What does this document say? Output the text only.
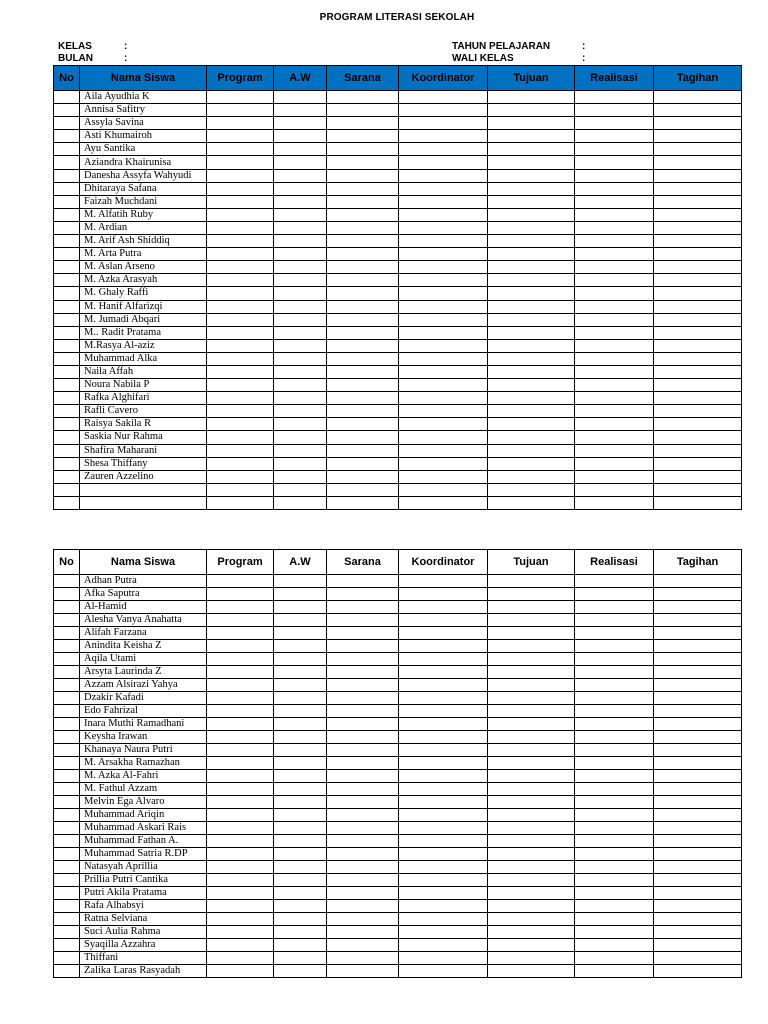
PROGRAM LITERASI SEKOLAH
KELAS	:
BULAN	:
TAHUN PELAJARAN	:
WALI KELAS	:
No	Nama Siswa	Program	A.W	Sarana	Koordinator	Tujuan	Realisasi	Tagihan
	Aila Ayudhia K							
	Annisa Safitry							
	Assyla Savina							
	Asti Khumairoh							
	Ayu Santika							
	Aziandra Khairunisa							
	Danesha Assyfa Wahyudi							
	Dhitaraya Safana							
	Faizah Muchdani							
	M. Alfatih Ruby							
	M. Ardian							
	M. Arif Ash Shiddiq							
	M. Arta Putra							
	M. Aslan Arseno							
	M. Azka Arasyah							
	M. Ghaly Raffi							
	M. Hanif Alfarizqi							
	M. Jumadi Abqari							
	M.. Radit Pratama							
	M.Rasya Al-aziz							
	Muhammad Alka							
	Naila Affah							
	Noura Nabila P							
	Rafka Alghifari							
	Rafli Cavero							
	Raisya Sakila R							
	Saskia Nur Rahma							
	Shafira Maharani							
	Shesa Thiffany							
	Zauren Azzelino							

No	Nama Siswa	Program	A.W	Sarana	Koordinator	Tujuan	Realisasi	Tagihan
	Adhan Putra							
	Afka Saputra							
	Al-Hamid							
	Alesha Vanya Anahatta							
	Alifah Farzana							
	Anindita Keisha Z							
	Aqila Utami							
	Arsyta Laurinda Z							
	Azzam Alsirazi Yahya							
	Dzakir Kafadi							
	Edo Fahrizal							
	Inara Muthi Ramadhani							
	Keysha Irawan							
	Khanaya Naura Putri							
	M. Arsakha Ramazhan							
	M. Azka Al-Fahri							
	M. Fathul Azzam							
	Melvin Ega Alvaro							
	Muhammad Ariqin							
	Muhammad Askari Rais							
	Muhammad Fathan A.							
	Muhammad Satria R.DP							
	Natasyah Aprillia							
	Prillia Putri Cantika							
	Putri Akila Pratama							
	Rafa Alhabsyi							
	Ratna Selviana							
	Suci Aulia Rahma							
	Syaqilla Azzahra							
	Thiffani							
	Zalika Laras Rasyadah							
